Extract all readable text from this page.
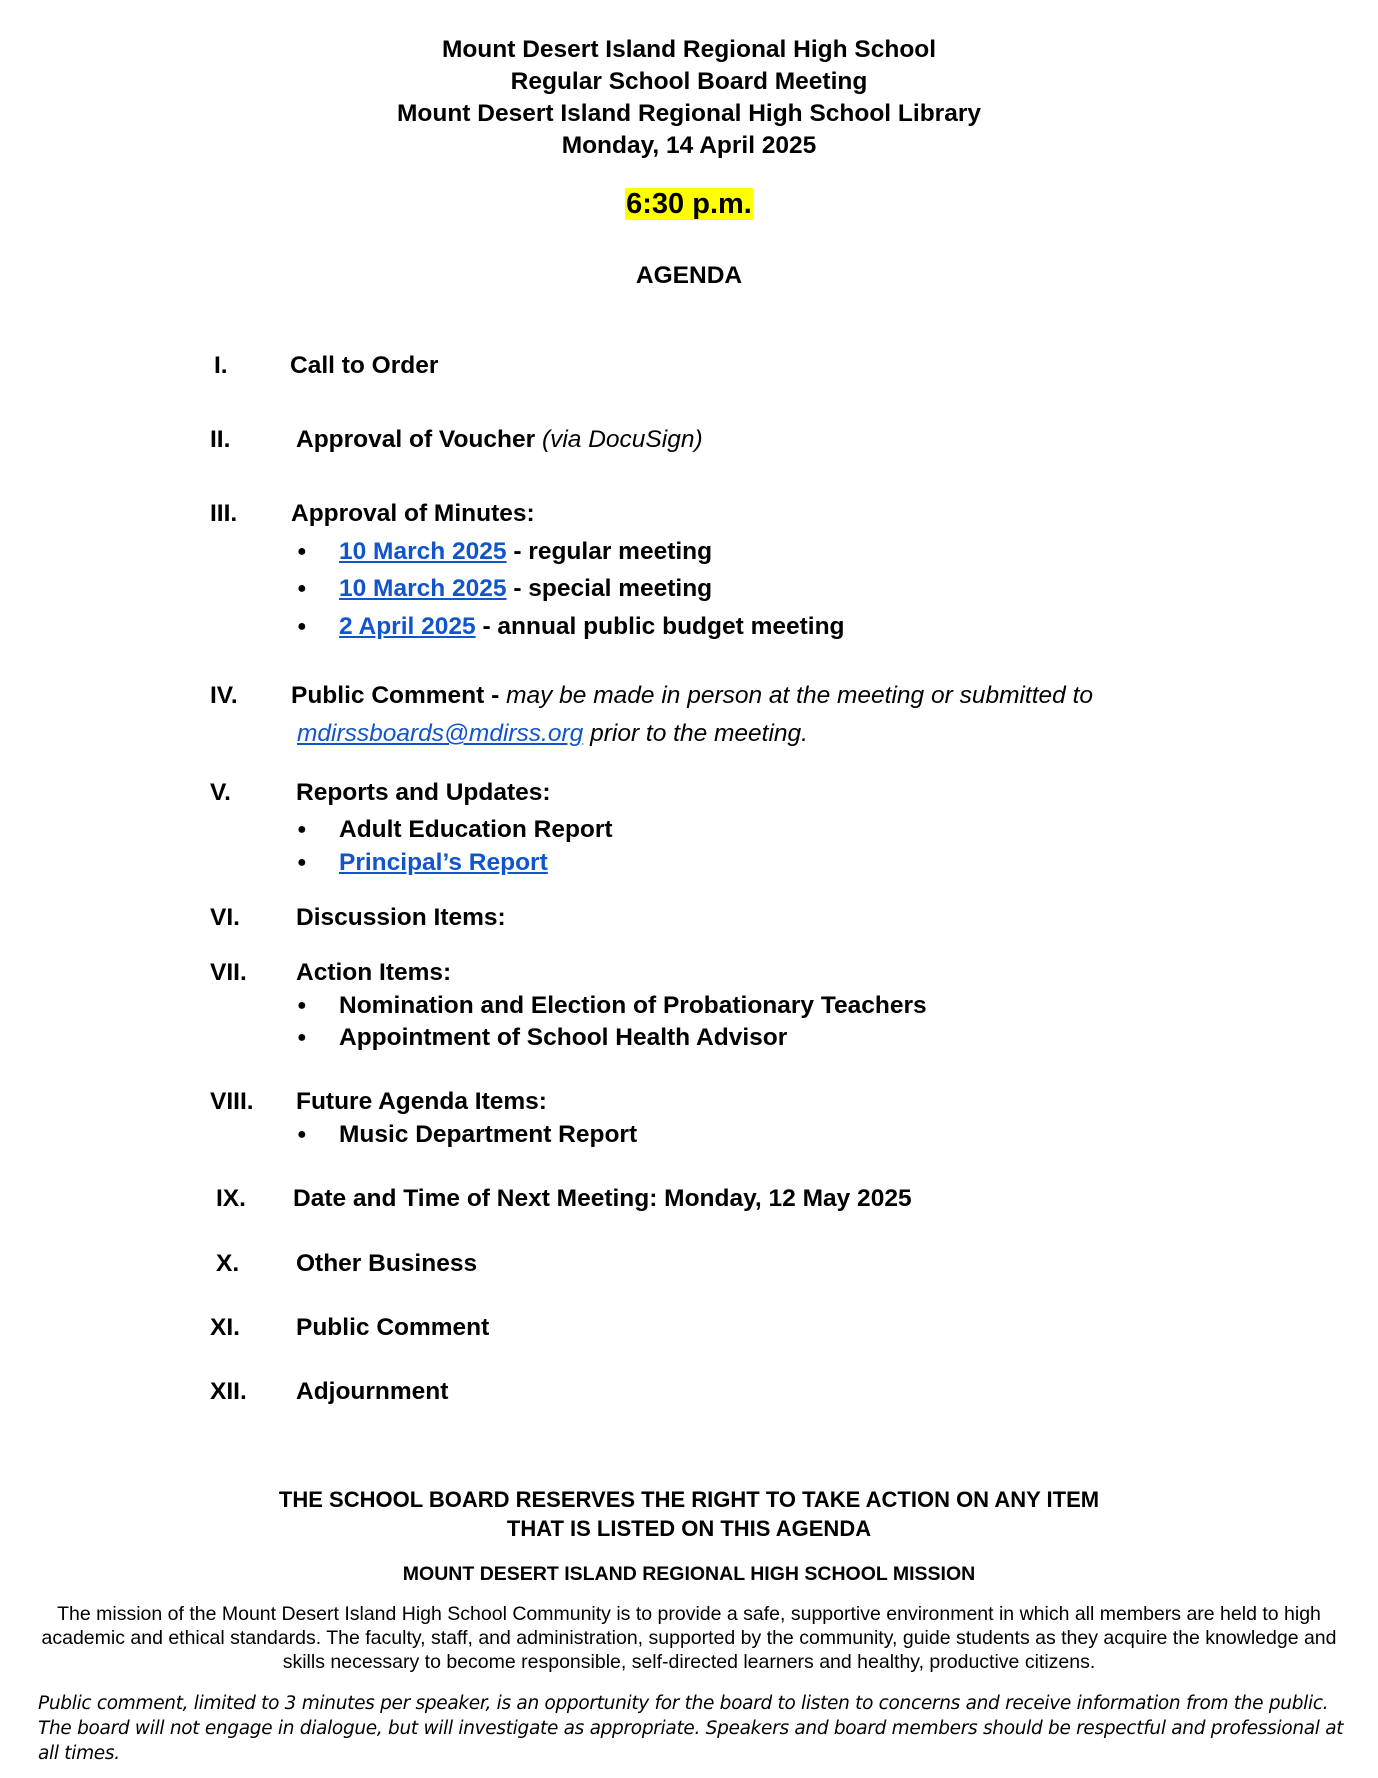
Mount Desert Island Regional High School
Regular School Board Meeting
Mount Desert Island Regional High School Library
Monday, 14 April 2025
6:30 p.m.
AGENDA
I.	Call to Order
II.	Approval of Voucher (via DocuSign)
III. Approval of Minutes:
● 10 March 2025 - regular meeting
● 10 March 2025 - special meeting
● 2 April 2025 - annual public budget meeting
IV. Public Comment - may be made in person at the meeting or submitted to
mdirssboards@mdirss.org prior to the meeting.
V.	Reports and Updates:
● Adult Education Report
● Principal’s Report
VI. Discussion Items:
VII. Action Items:
● Nomination and Election of Probationary Teachers
● Appointment of School Health Advisor
VIII. Future Agenda Items:
● Music Department Report
IX. Date and Time of Next Meeting: Monday, 12 May 2025
X. Other Business
XI. Public Comment
XII. Adjournment
THE SCHOOL BOARD RESERVES THE RIGHT TO TAKE ACTION ON ANY ITEM
THAT IS LISTED ON THIS AGENDA
MOUNT DESERT ISLAND REGIONAL HIGH SCHOOL MISSION
The mission of the Mount Desert Island High School Community is to provide a safe, supportive environment in which all members are held to high academic and ethical standards. The faculty, staff, and administration, supported by the community, guide students as they acquire the knowledge and skills necessary to become responsible, self-directed learners and healthy, productive citizens.
Public comment, limited to 3 minutes per speaker, is an opportunity for the board to listen to concerns and receive information from the public. The board will not engage in dialogue, but will investigate as appropriate. Speakers and board members should be respectful and professional at all times.
